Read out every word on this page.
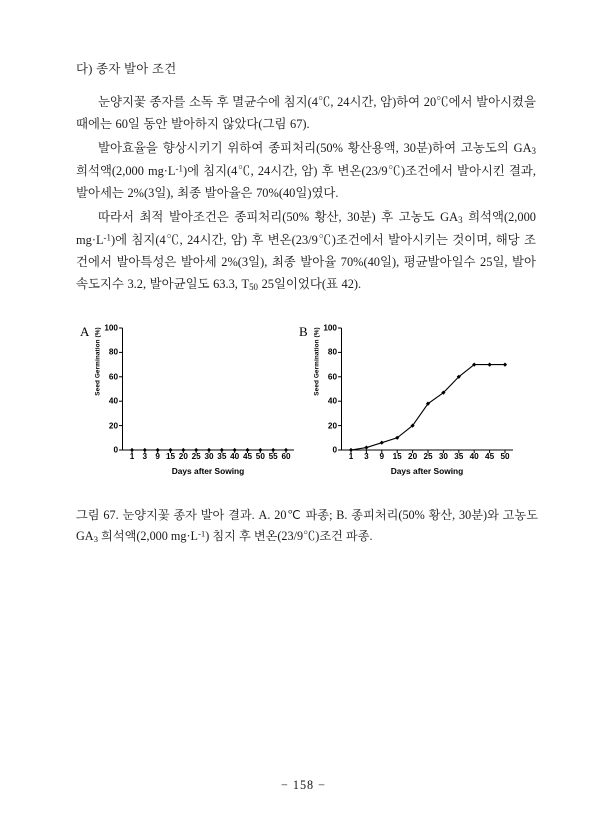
다) 종자 발아 조건

눈양지꽃 종자를 소독 후 멸균수에 침지(4℃, 24시간, 암)하여 20℃에서 발아시켰을 때에는 60일 동안 발아하지 않았다(그림 67).

발아효율을 향상시키기 위하여 종피처리(50% 황산용액, 30분)하여 고농도의 $GA_3$ 희석액(2,000 $mg\cdot L^{-1}$)에 침지(4℃, 24시간, 암) 후 변온(23/9℃)조건에서 발아시킨 결과, 발아세는 2%(3일), 최종 발아율은 70%(40일)였다.

따라서 최적 발아조건은 종피처리(50% 황산, 30분) 후 고농도 $GA_3$ 희석액(2,000 $mg\cdot L^{-1}$)에 침지(4℃, 24시간, 암) 후 변온(23/9℃)조건에서 발아시키는 것이며, 해당 조건에서 발아특성은 발아세 2%(3일), 최종 발아율 70%(40일), 평균발아일수 25일, 발아속도지수 3.2, 발아균일도 63.3, $T_{50}$ 25일이었다(표 42).

A Seed Germination (%)
0
20
40
60
80
100
1 3 9 15 20 25 30 35 40 45 50 55 60
Days after Sowing
B Seed Germination (%)
0
20
40
60
80
100
1 3 9 15 20 25 30 35 40 45 50
Days after Sowing

그림 67. 눈양지꽃 종자 발아 결과. A. 20℃ 파종; B. 종피처리(50% 황산, 30분)와 고농도 $GA_3$ 희석액(2,000 $mg\cdot L^{-1}$) 침지 후 변온(23/9℃)조건 파종.

− 158 −
